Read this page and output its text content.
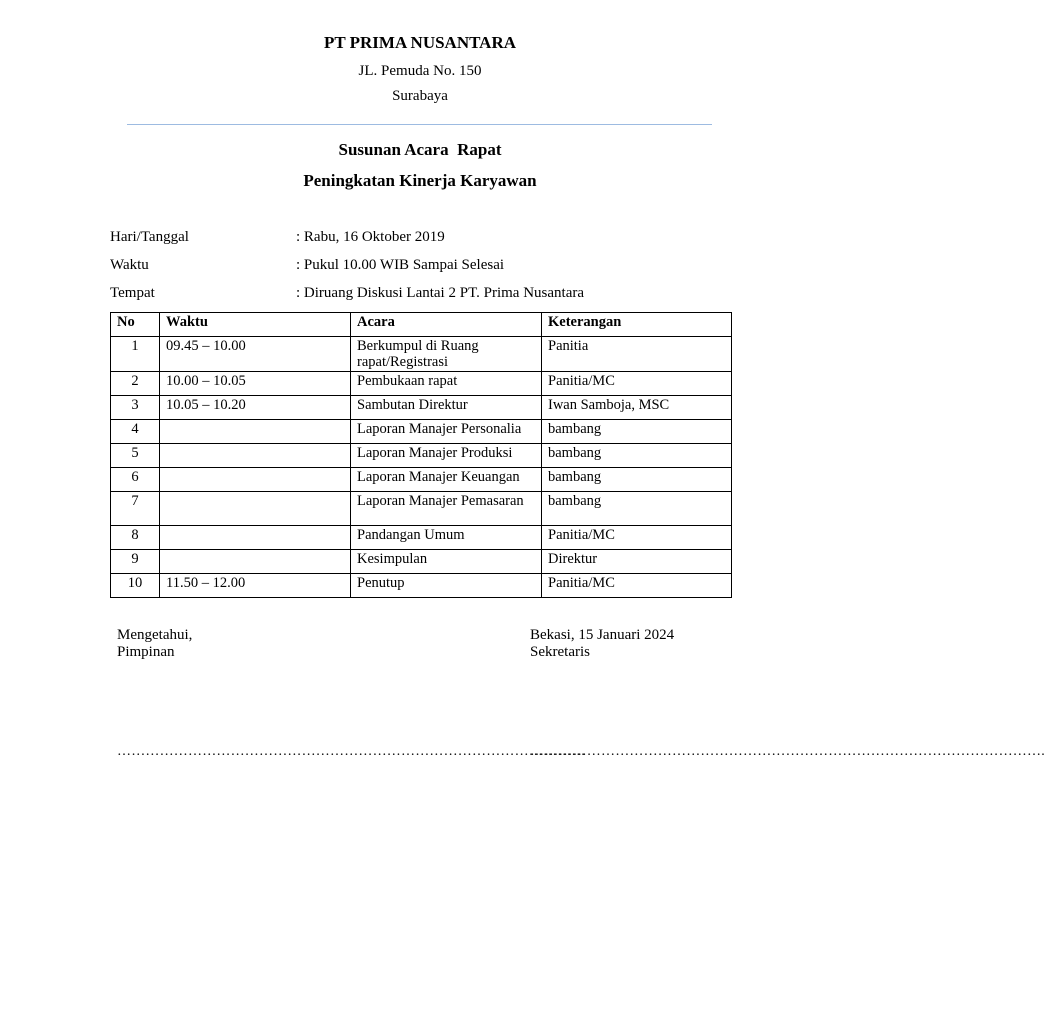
PT PRIMA NUSANTARA
JL. Pemuda No. 150
Surabaya
Susunan Acara  Rapat
Peningkatan Kinerja Karyawan
Hari/Tanggal	: Rabu, 16 Oktober 2019
Waktu	: Pukul 10.00 WIB Sampai Selesai
Tempat	: Diruang Diskusi Lantai 2 PT. Prima Nusantara
No	Waktu	Acara	Keterangan
1	09.45 – 10.00	Berkumpul di Ruang rapat/Registrasi	Panitia
2	10.00 – 10.05	Pembukaan rapat	Panitia/MC
3	10.05 – 10.20	Sambutan Direktur	Iwan Samboja, MSC
4		Laporan Manajer Personalia	bambang
5		Laporan Manajer Produksi	bambang
6		Laporan Manajer Keuangan	bambang
7		Laporan Manajer Pemasaran	bambang
8		Pandangan Umum	Panitia/MC
9		Kesimpulan	Direktur
10	11.50 – 12.00	Penutup	Panitia/MC
Mengetahui,
Pimpinan
………………………………………………………………………………………
Bekasi, 15 Januari 2024
Sekretaris
……………………………………………………………………………………………….
